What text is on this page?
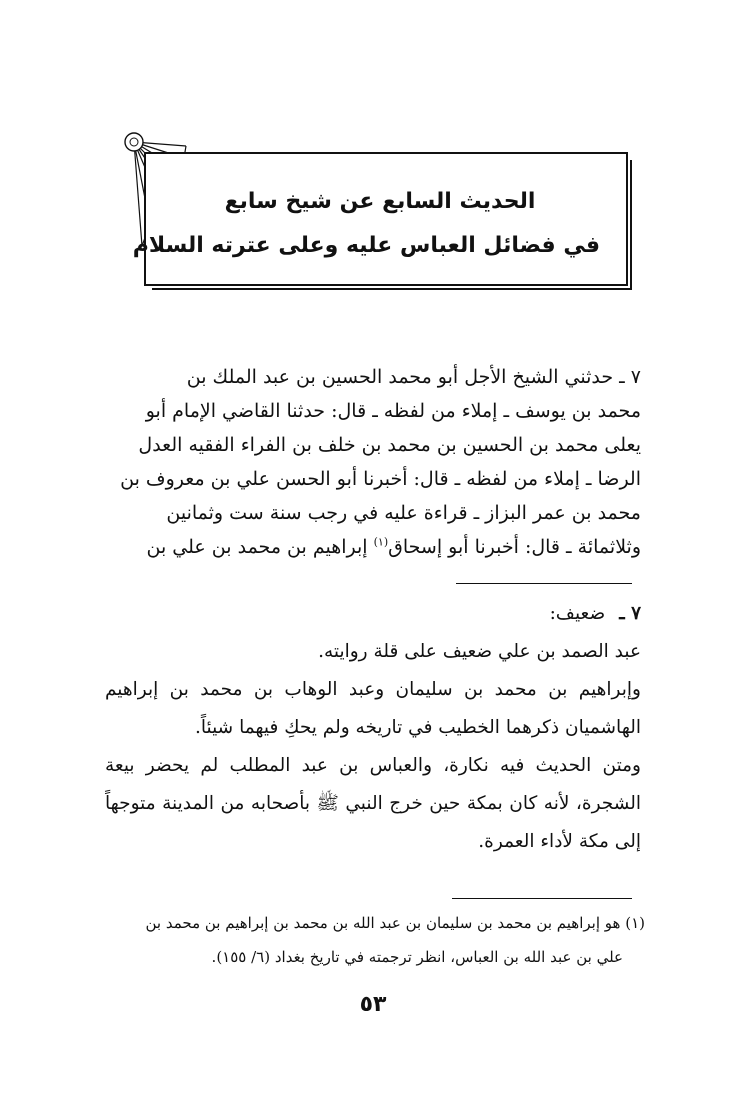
الحديث السابع عن شيخ سابع
في فضائل العباس عليه وعلى عترته السلام

٧ ـ حدثني الشيخ الأجل أبو محمد الحسين بن عبد الملك بن

محمد بن يوسف ـ إملاء من لفظه ـ قال: حدثنا القاضي الإمام أبو

يعلى محمد بن الحسين بن محمد بن خلف بن الفراء الفقيه العدل

الرضا ـ إملاء من لفظه ـ قال: أخبرنا أبو الحسن علي بن معروف بن

محمد بن عمر البزاز ـ قراءة عليه في رجب سنة ست وثمانين

وثلاثمائة ـ قال: أخبرنا أبو إسحاق$^{(١)}$ إبراهيم بن محمد بن علي بن

٧ ـ
ضعيف:

عبد الصمد بن علي ضعيف على قلة روايته.

وإبراهيم بن محمد بن سليمان وعبد الوهاب بن محمد بن إبراهيم الهاشميان ذكرهما الخطيب في تاريخه ولم يحكِ فيهما شيئاً.

ومتن الحديث فيه نكارة، والعباس بن عبد المطلب لم يحضر بيعة الشجرة، لأنه كان بمكة حين خرج النبي ﷺ بأصحابه من المدينة متوجهاً إلى مكة لأداء العمرة.

(١) هو إبراهيم بن محمد بن سليمان بن عبد الله بن محمد بن إبراهيم بن محمد بن

علي بن عبد الله بن العباس، انظر ترجمته في تاريخ بغداد (٦/ ١٥٥).

٥٣
